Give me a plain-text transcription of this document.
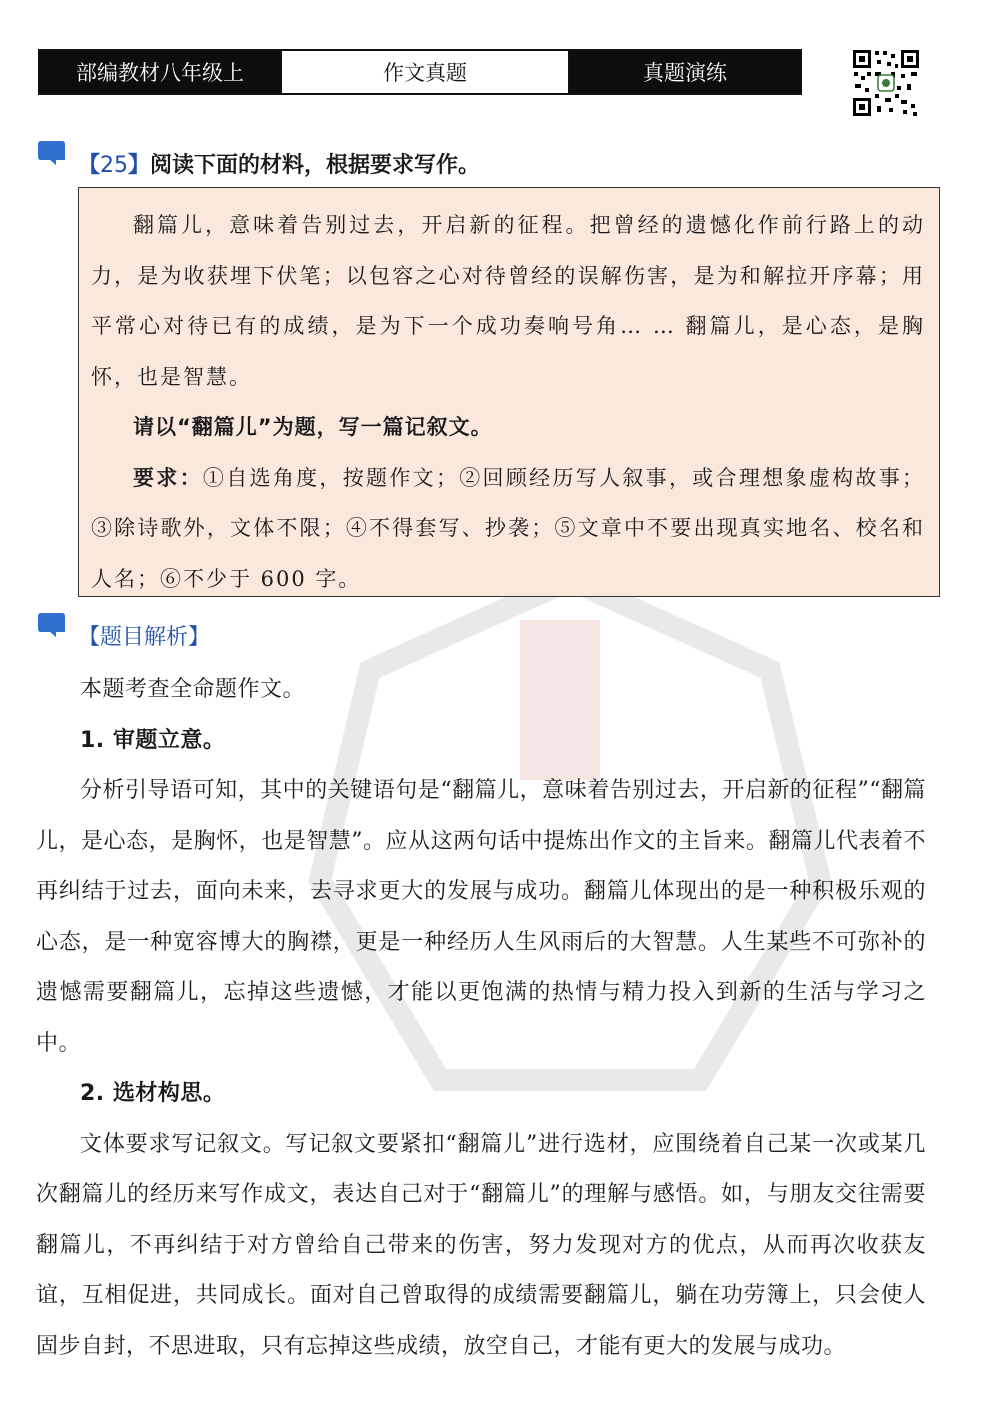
部编教材八年级上	作文真题	真题演练
【25】阅读下面的材料，根据要求写作。

翻篇儿，意味着告别过去，开启新的征程。把曾经的遗憾化作前行路上的动力，是为收获埋下伏笔；以包容之心对待曾经的误解伤害，是为和解拉开序幕；用平常心对待已有的成绩，是为下一个成功奏响号角… … 翻篇儿，是心态，是胸怀，也是智慧。

请以“翻篇儿”为题，写一篇记叙文。

要求：①自选角度，按题作文；②回顾经历写人叙事，或合理想象虚构故事；③除诗歌外，文体不限；④不得套写、抄袭；⑤文章中不要出现真实地名、校名和人名；⑥不少于 600 字。

【题目解析】

本题考查全命题作文。

1. 审题立意。

分析引导语可知，其中的关键语句是“翻篇儿，意味着告别过去，开启新的征程”“翻篇儿，是心态，是胸怀，也是智慧”。应从这两句话中提炼出作文的主旨来。翻篇儿代表着不再纠结于过去，面向未来，去寻求更大的发展与成功。翻篇儿体现出的是一种积极乐观的心态，是一种宽容博大的胸襟，更是一种经历人生风雨后的大智慧。人生某些不可弥补的遗憾需要翻篇儿，忘掉这些遗憾，才能以更饱满的热情与精力投入到新的生活与学习之中。

2. 选材构思。

文体要求写记叙文。写记叙文要紧扣“翻篇儿”进行选材，应围绕着自己某一次或某几次翻篇儿的经历来写作成文，表达自己对于“翻篇儿”的理解与感悟。如，与朋友交往需要翻篇儿，不再纠结于对方曾给自己带来的伤害，努力发现对方的优点，从而再次收获友谊，互相促进，共同成长。面对自己曾取得的成绩需要翻篇儿，躺在功劳簿上，只会使人固步自封，不思进取，只有忘掉这些成绩，放空自己，才能有更大的发展与成功。
